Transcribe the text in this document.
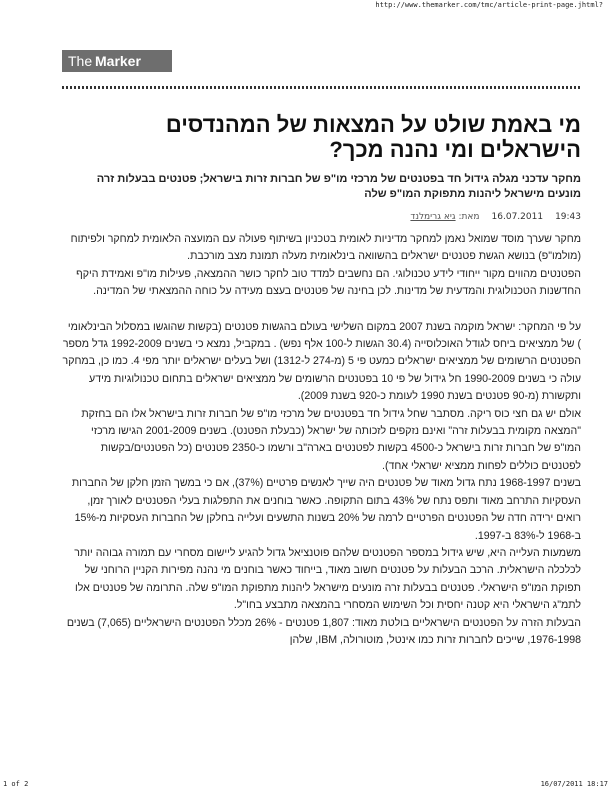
http://www.themarker.com/tmc/article-print-page.jhtml?
The Marker
מי באמת שולט על המצאות של המהנדסים הישראלים ומי נהנה מכך?
מחקר עדכני מגלה גידול חד בפטנטים של מרכזי מו"פ של חברות זרות בישראל; פטנטים בבעלות זרה מונעים מישראל ליהנות מתפוקת המו"פ שלה
19:43
16.07.2011
מאת: גיא גרימלנד

מחקר שערך מוסד שמואל נאמן למחקר מדיניות לאומית בטכניון בשיתוף פעולה עם המועצה הלאומית למחקר ולפיתוח (מולמו"פ) בנושא הגשת פטנטים ישראלים בהשוואה בינלאומית מעלה תמונת מצב מורכבת.

הפטנטים מהווים מקור ייחודי לידע טכנולוגי. הם נחשבים למדד טוב לחקר כושר ההמצאה, פעילות מו"פ ואמידת היקף החדשנות הטכנולוגית והמדעית של מדינות. לכן בחינה של פטנטים בעצם מעידה על כוחה ההמצאתי של המדינה.

על פי המחקר: ישראל מוקמה בשנת 2007 במקום השלישי בעולם בהגשות פטנטים (בקשות שהוגשו במסלול הבינלאומי ) של ממציאים ביחס לגודל האוכלוסייה (30.4 הגשות ל-100 אלף נפש) . במקביל, נמצא כי בשנים 1992-2009 גדל מספר הפטנטים הרשומים של ממציאים ישראלים כמעט פי 5 (מ-274 ל-1312) ושל בעלים ישראלים יותר מפי 4. כמו כן, במחקר עולה כי בשנים 1990-2009 חל גידול של פי 10 בפטנטים הרשומים של ממציאים ישראלים בתחום טכנולוגיות מידע ותקשורת (מ-90 פטנטים בשנת 1990 לעומת כ-920 בשנת 2009).

אולם יש גם חצי כוס ריקה. מסתבר שחל גידול חד בפטנטים של מרכזי מו"פ של חברות זרות בישראל אלו הם בחזקת "המצאה מקומית בבעלות זרה" ואינם נזקפים לזכותה של ישראל (כבעלת הפטנט). בשנים 2001-2009 הגישו מרכזי המו"פ של חברות זרות בישראל כ-4500 בקשות לפטנטים בארה"ב ורשמו כ-2350 פטנטים (כל הפטנטים/בקשות לפטנטים כוללים לפחות ממציא ישראלי אחד).

בשנים 1968-1997 נתח גדול מאוד של פטנטים היה שייך לאנשים פרטיים (37%), אם כי במשך הזמן חלקן של החברות העסקיות התרחב מאוד ותפס נתח של 43% בתום התקופה. כאשר בוחנים את התפלגות בעלי הפטנטים לאורך זמן, רואים ירידה חדה של הפטנטים הפרטיים לרמה של 20% בשנות התשעים ועלייה בחלקן של החברות העסקיות מ-15% ב-1968 ל-83% ב-1997.

משמעות העלייה היא, שיש גידול במספר הפטנטים שלהם פוטנציאל גדול להגיע ליישום מסחרי עם תמורה גבוהה יותר לכלכלה הישראלית. הרכב הבעלות על פטנטים חשוב מאוד, בייחוד כאשר בוחנים מי נהנה מפירות הקניין הרוחני של תפוקת המו"פ הישראלי. פטנטים בבעלות זרה מונעים מישראל ליהנות מתפוקת המו"פ שלה. התרומה של פטנטים אלו לתמ"ג הישראלי היא קטנה יחסית וכל השימוש המסחרי בהמצאה מתבצע בחו"ל.

הבעלות הזרה על הפטנטים הישראליים בולטת מאוד: 1,807 פטנטים - 26% מכלל הפטנטים הישראליים (7,065) בשנים 1976-1998, שייכים לחברות זרות כמו אינטל, מוטורולה, IBM, שלהן

1 of 2	16/07/2011 18:17
